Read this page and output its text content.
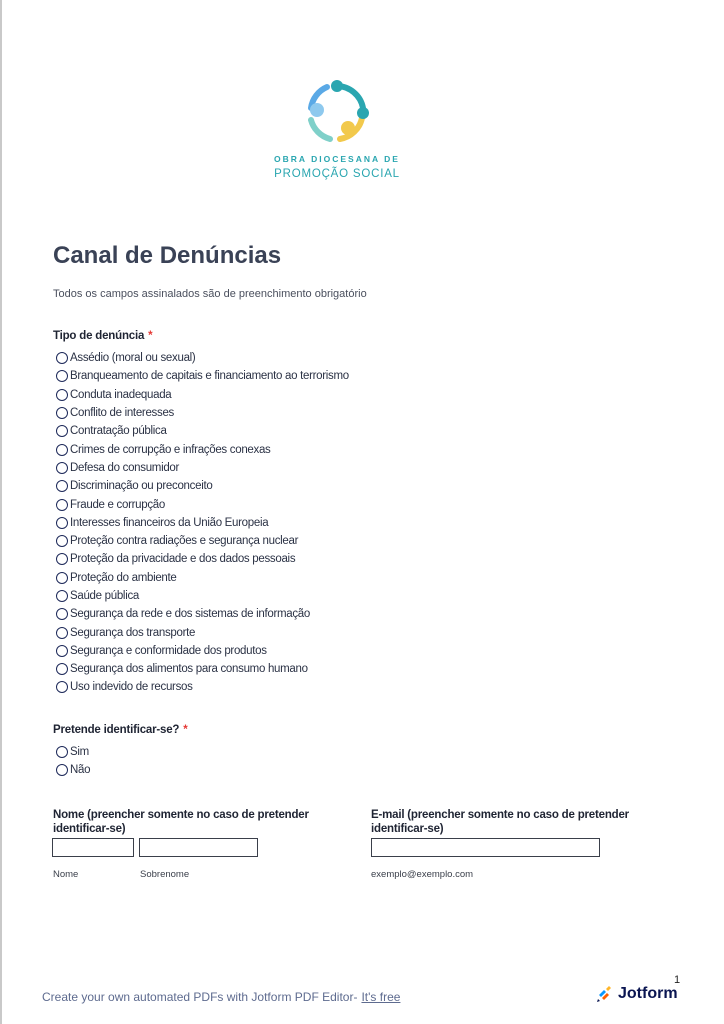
OBRA DIOCESANA DE
PROMOÇÃO SOCIAL
Canal de Denúncias
Todos os campos assinalados são de preenchimento obrigatório
Tipo de denúncia *
Assédio (moral ou sexual)
Branqueamento de capitais e financiamento ao terrorismo
Conduta inadequada
Conflito de interesses
Contratação pública
Crimes de corrupção e infrações conexas
Defesa do consumidor
Discriminação ou preconceito
Fraude e corrupção
Interesses financeiros da União Europeia
Proteção contra radiações e segurança nuclear
Proteção da privacidade e dos dados pessoais
Proteção do ambiente
Saúde pública
Segurança da rede e dos sistemas de informação
Segurança dos transporte
Segurança e conformidade dos produtos
Segurança dos alimentos para consumo humano
Uso indevido de recursos
Pretende identificar-se? *
Sim
Não
Nome (preencher somente no caso de pretender identificar-se)
Nome	Sobrenome
E-mail (preencher somente no caso de pretender identificar-se)
exemplo@exemplo.com
1
Create your own automated PDFs with Jotform PDF Editor- It's free	Jotform
